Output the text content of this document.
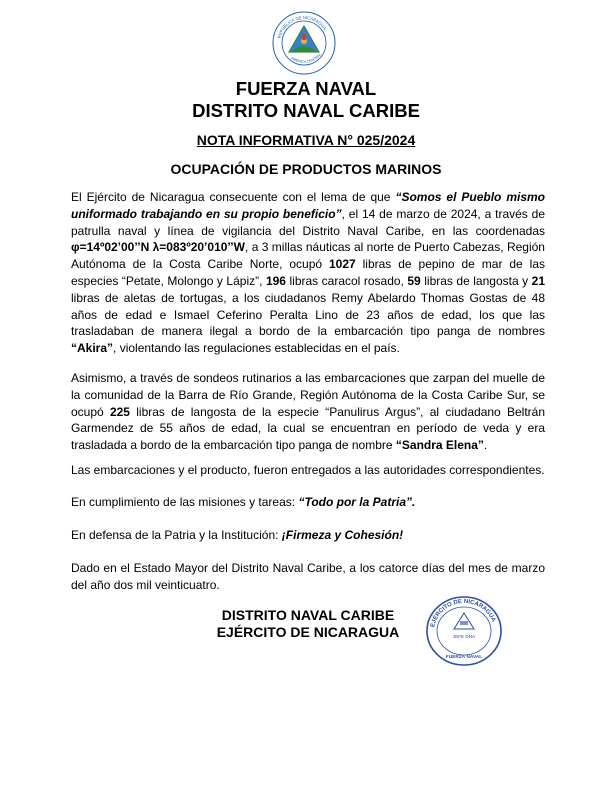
REPÚBLICA DE NICARAGUA
AMÉRICA CENTRAL
FUERZA NAVAL
DISTRITO NAVAL CARIBE
NOTA INFORMATIVA N° 025/2024
OCUPACIÓN DE PRODUCTOS MARINOS

El Ejército de Nicaragua consecuente con el lema de que “Somos el Pueblo mismo uniformado trabajando en su propio beneficio”, el 14 de marzo de 2024, a través de patrulla naval y línea de vigilancia del Distrito Naval Caribe, en las coordenadas φ=14º02’00’’N λ=083º20’010’’W, a 3 millas náuticas al norte de Puerto Cabezas, Región Autónoma de la Costa Caribe Norte, ocupó 1027 libras de pepino de mar de las especies “Petate, Molongo y Lápiz”, 196 libras caracol rosado, 59 libras de langosta y 21 libras de aletas de tortugas, a los ciudadanos Remy Abelardo Thomas Gostas de 48 años de edad e Ismael Ceferino Peralta Lino de 23 años de edad, los que las trasladaban de manera ilegal a bordo de la embarcación tipo panga de nombres “Akira”, violentando las regulaciones establecidas en el país.

Asimismo, a través de sondeos rutinarios a las embarcaciones que zarpan del muelle de la comunidad de la Barra de Río Grande, Región Autónoma de la Costa Caribe Sur, se ocupó 225 libras de langosta de la especie “Panulirus Argus”, al ciudadano Beltrán Garmendez de 55 años de edad, la cual se encuentran en período de veda y era trasladada a bordo de la embarcación tipo panga de nombre “Sandra Elena”.

Las embarcaciones y el producto, fueron entregados a las autoridades correspondientes.

En cumplimiento de las misiones y tareas: “Todo por la Patria”.

En defensa de la Patria y la Institución: ¡Firmeza y Cohesión!

Dado en el Estado Mayor del Distrito Naval Caribe, a los catorce días del mes de marzo del año dos mil veinticuatro.

DISTRITO NAVAL CARIBE
EJÉRCITO DE NICARAGUA	EJÉRCITO DE NICARAGUA
JEFE DNA
FUERZA NAVAL
